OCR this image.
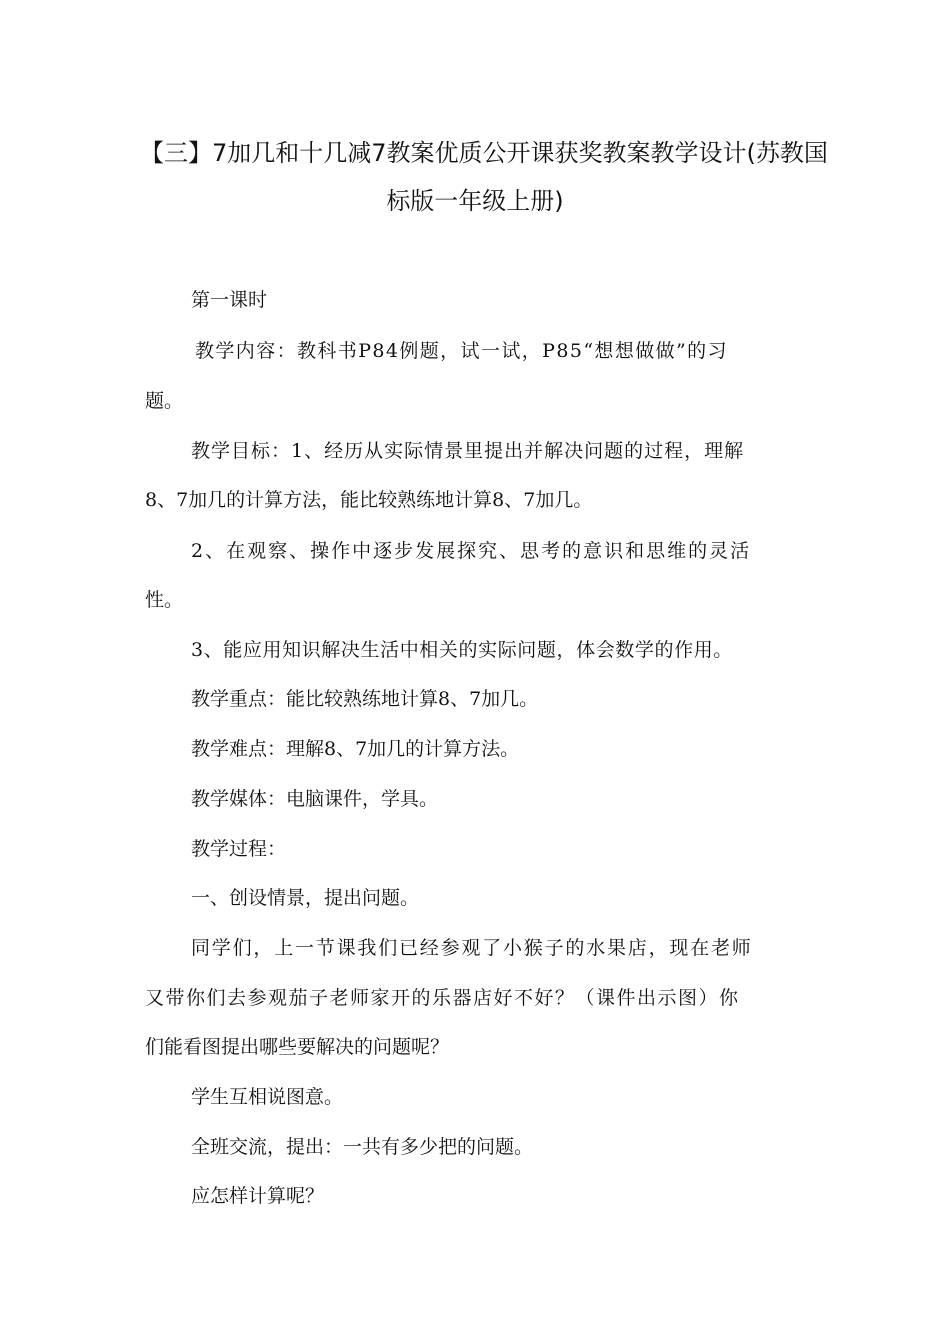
【三】7加几和十几减7教案优质公开课获奖教案教学设计(苏教国
标版一年级上册)
第一课时
教学内容：教科书P84例题，试一试，P85“想想做做”的习
题。
教学目标：1、经历从实际情景里提出并解决问题的过程，理解
8、7加几的计算方法，能比较熟练地计算8、7加几。
2、在观察、操作中逐步发展探究、思考的意识和思维的灵活
性。
3、能应用知识解决生活中相关的实际问题，体会数学的作用。
教学重点：能比较熟练地计算8、7加几。
教学难点：理解8、7加几的计算方法。
教学媒体：电脑课件，学具。
教学过程：
一、创设情景，提出问题。
同学们，上一节课我们已经参观了小猴子的水果店，现在老师
又带你们去参观茄子老师家开的乐器店好不好？（课件出示图）你
们能看图提出哪些要解决的问题呢？
学生互相说图意。
全班交流，提出：一共有多少把的问题。
应怎样计算呢？
